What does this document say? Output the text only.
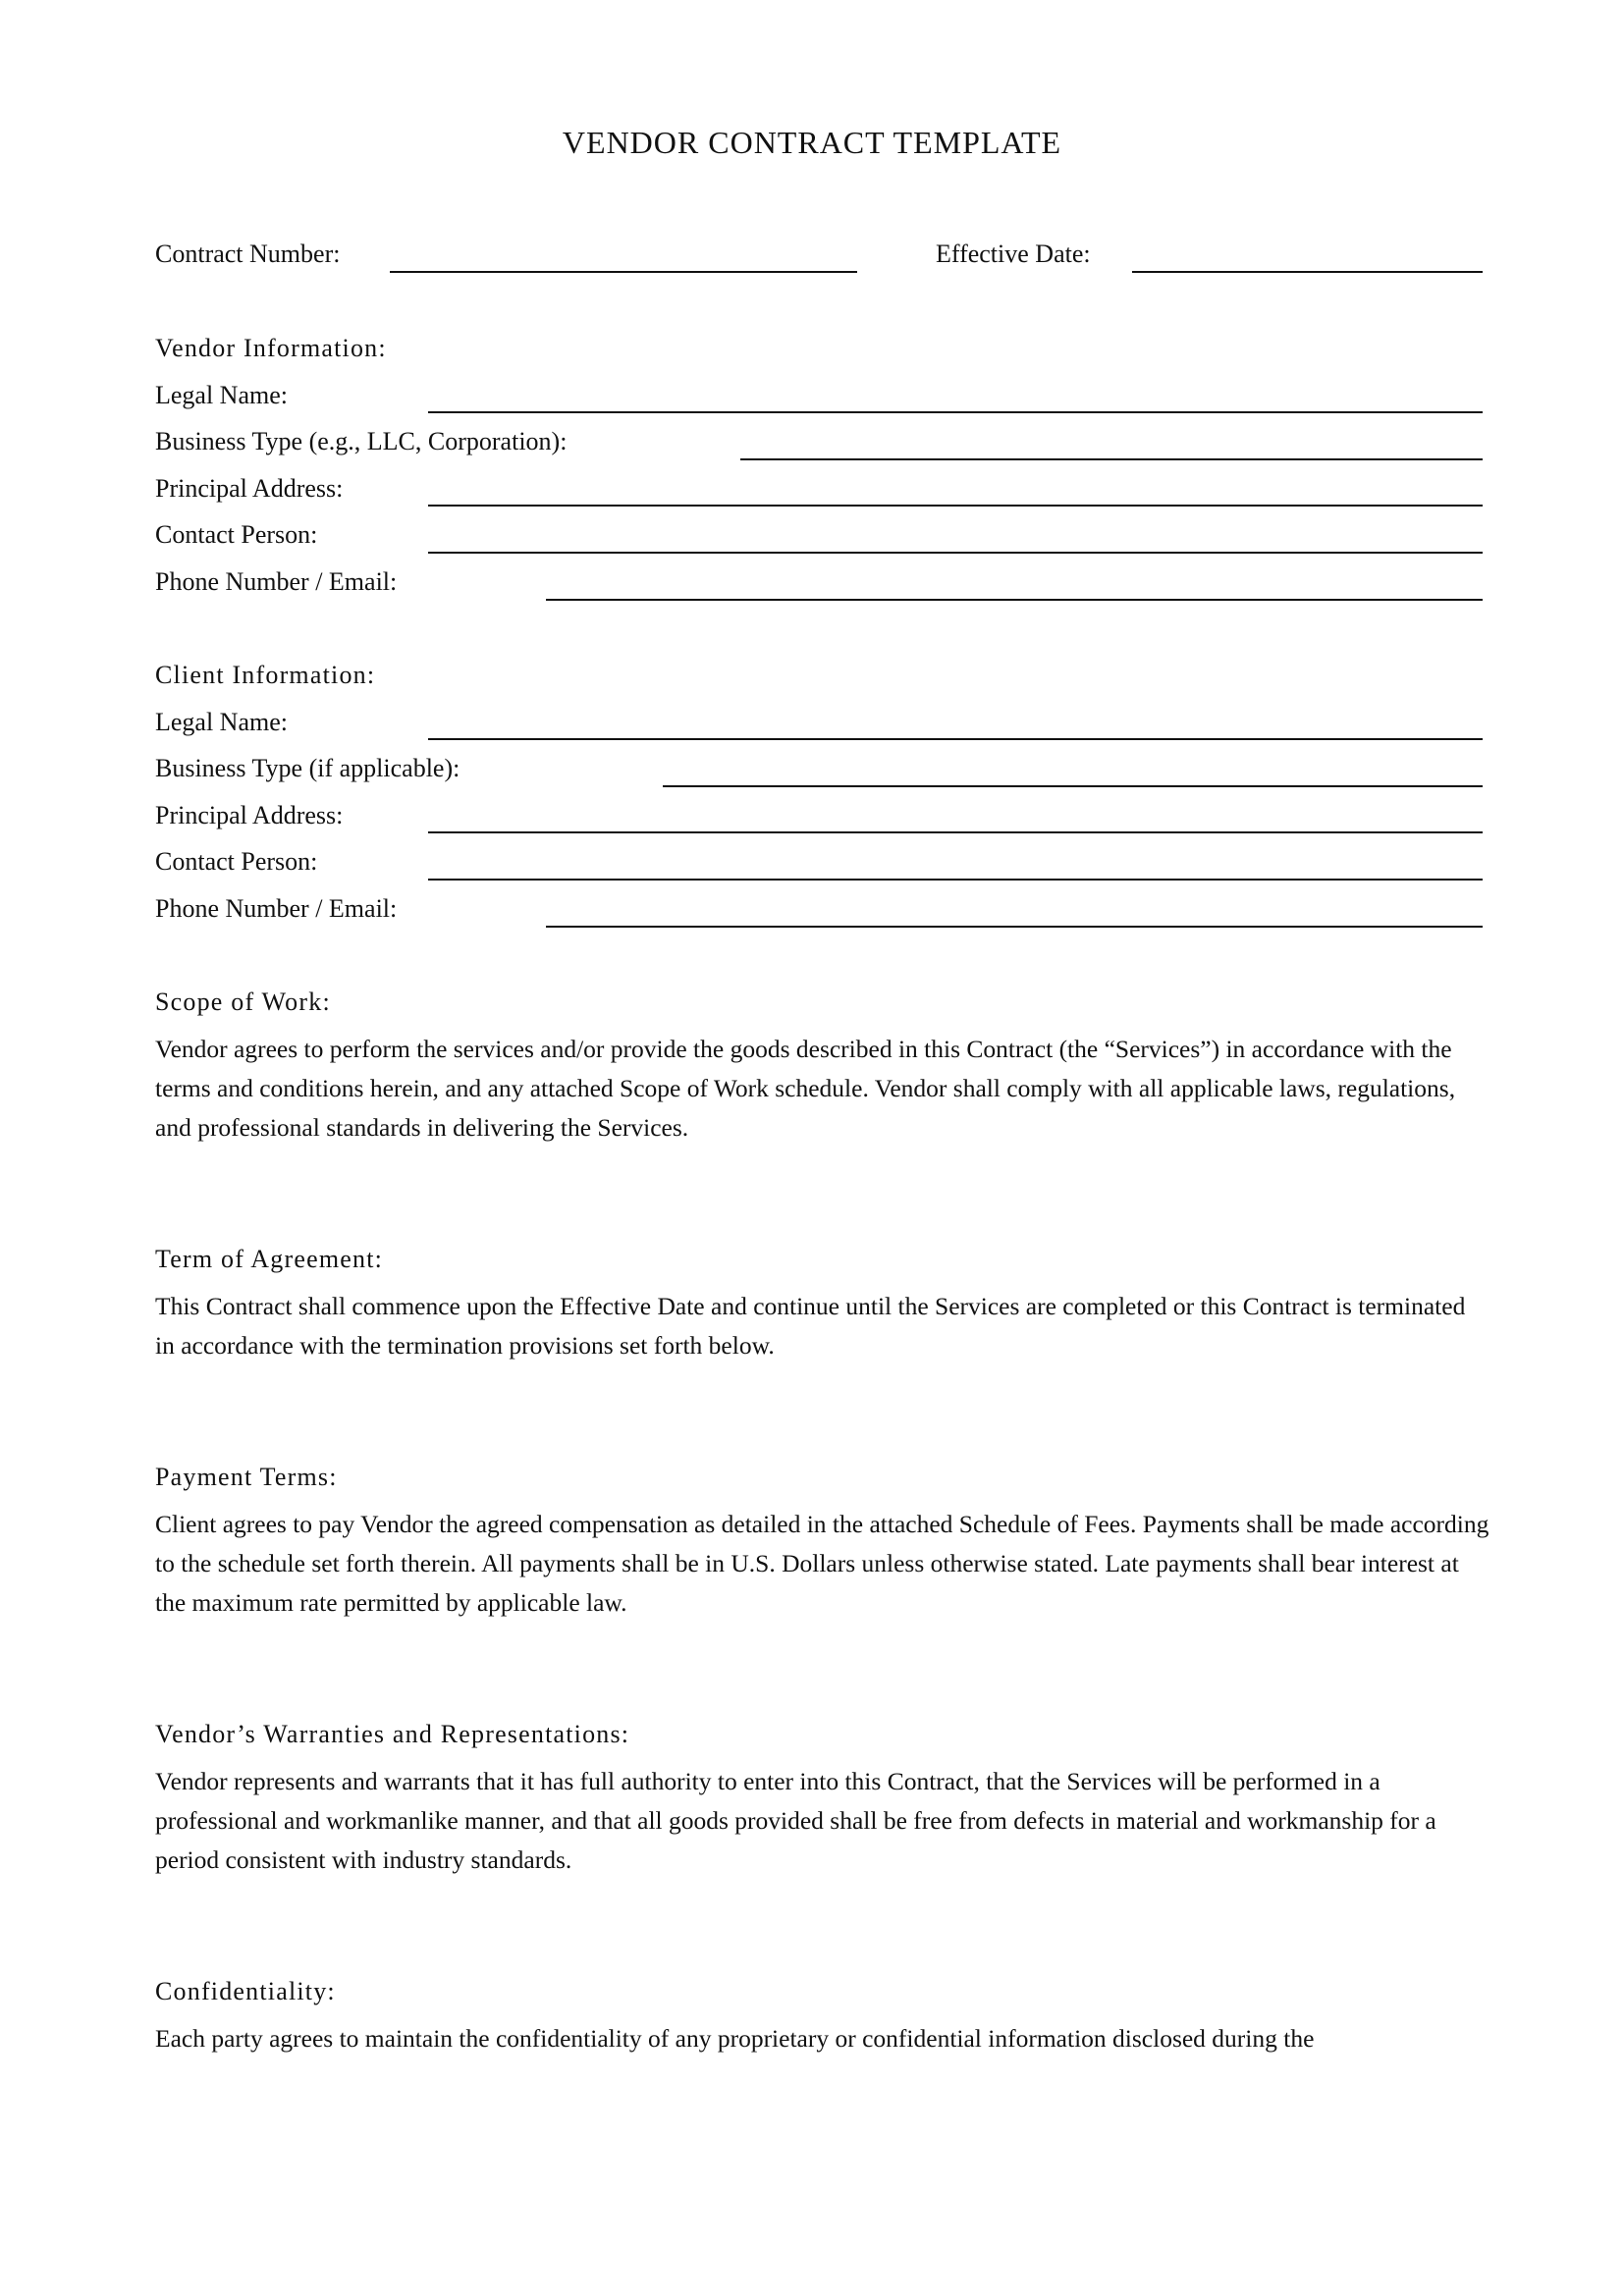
VENDOR CONTRACT TEMPLATE
Contract Number:	Effective Date:
Vendor Information:
Legal Name:
Business Type (e.g., LLC, Corporation):
Principal Address:
Contact Person:
Phone Number / Email:
Client Information:
Legal Name:
Business Type (if applicable):
Principal Address:
Contact Person:
Phone Number / Email:
Scope of Work:
Vendor agrees to perform the services and/or provide the goods described in this Contract (the “Services”) in accordance with the terms and conditions herein, and any attached Scope of Work schedule. Vendor shall comply with all applicable laws, regulations, and professional standards in delivering the Services.
Term of Agreement:
This Contract shall commence upon the Effective Date and continue until the Services are completed or this Contract is terminated in accordance with the termination provisions set forth below.
Payment Terms:
Client agrees to pay Vendor the agreed compensation as detailed in the attached Schedule of Fees. Payments shall be made according to the schedule set forth therein. All payments shall be in U.S. Dollars unless otherwise stated. Late payments shall bear interest at the maximum rate permitted by applicable law.
Vendor’s Warranties and Representations:
Vendor represents and warrants that it has full authority to enter into this Contract, that the Services will be performed in a professional and workmanlike manner, and that all goods provided shall be free from defects in material and workmanship for a period consistent with industry standards.
Confidentiality:
Each party agrees to maintain the confidentiality of any proprietary or confidential information disclosed during the
